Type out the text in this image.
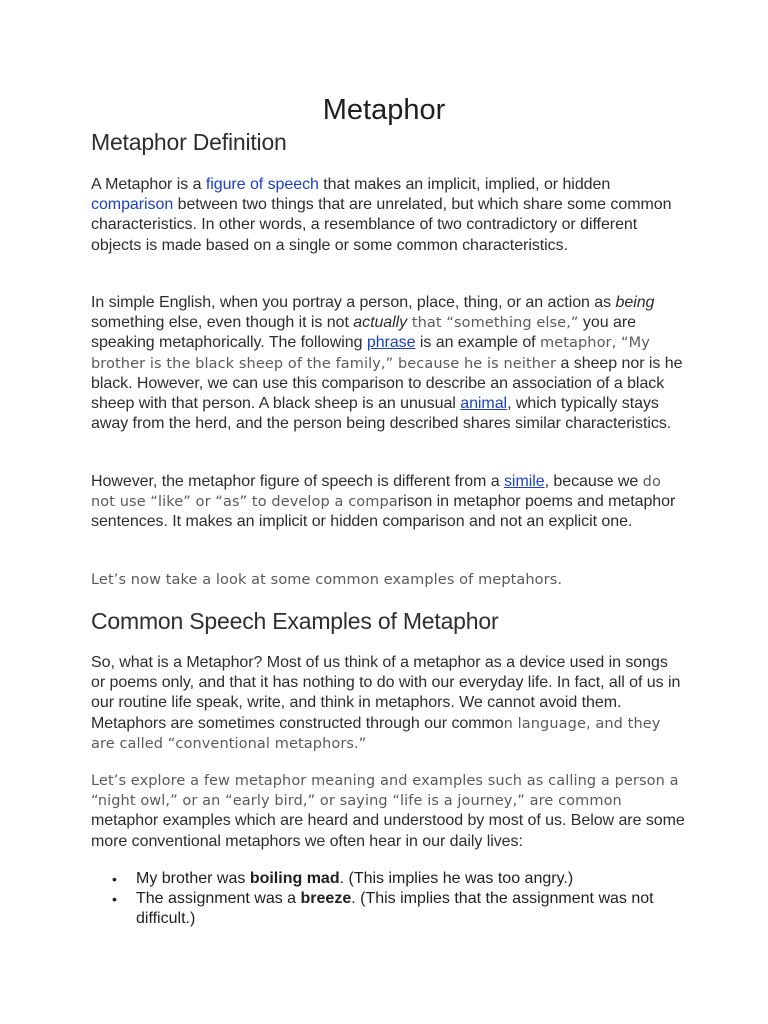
Metaphor
Metaphor Definition

A Metaphor is a figure of speech that makes an implicit, implied, or hidden comparison between two things that are unrelated, but which share some common characteristics. In other words, a resemblance of two contradictory or different objects is made based on a single or some common characteristics.

In simple English, when you portray a person, place, thing, or an action as being something else, even though it is not actually that “something else,” you are speaking metaphorically. The following phrase is an example of metaphor, “My brother is the black sheep of the family,” because he is neither a sheep nor is he black. However, we can use this comparison to describe an association of a black sheep with that person. A black sheep is an unusual animal, which typically stays away from the herd, and the person being described shares similar characteristics.

However, the metaphor figure of speech is different from a simile, because we do not use “like” or “as” to develop a comparison in metaphor poems and metaphor sentences. It makes an implicit or hidden comparison and not an explicit one.

Let’s now take a look at some common examples of meptahors.

Common Speech Examples of Metaphor

So, what is a Metaphor? Most of us think of a metaphor as a device used in songs or poems only, and that it has nothing to do with our everyday life. In fact, all of us in our routine life speak, write, and think in metaphors. We cannot avoid them. Metaphors are sometimes constructed through our common language, and they are called “conventional metaphors.”

Let’s explore a few metaphor meaning and examples such as calling a person a “night owl,” or an “early bird,” or saying “life is a journey,” are common metaphor examples which are heard and understood by most of us. Below are some more conventional metaphors we often hear in our daily lives:

• My brother was boiling mad. (This implies he was too angry.)
• The assignment was a breeze. (This implies that the assignment was not difficult.)
